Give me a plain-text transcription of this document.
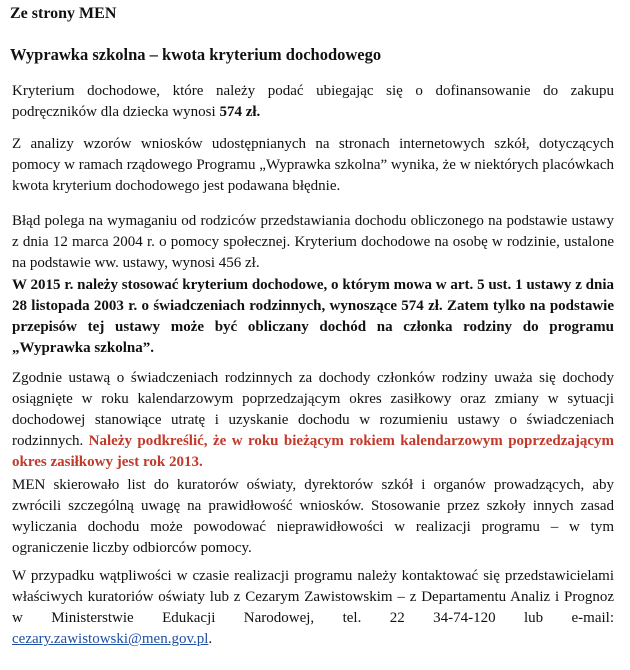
Ze strony MEN

Wyprawka szkolna – kwota kryterium dochodowego

Kryterium dochodowe, które należy podać ubiegając się o dofinansowanie do zakupu podręczników dla dziecka wynosi 574 zł.

Z analizy wzorów wniosków udostępnianych na stronach internetowych szkół, dotyczących pomocy w ramach rządowego Programu „Wyprawka szkolna” wynika, że w niektórych placówkach kwota kryterium dochodowego jest podawana błędnie.

Błąd polega na wymaganiu od rodziców przedstawiania dochodu obliczonego na podstawie ustawy z dnia 12 marca 2004 r. o pomocy społecznej. Kryterium dochodowe na osobę w rodzinie, ustalone na podstawie ww. ustawy, wynosi 456 zł.

W 2015 r. należy stosować kryterium dochodowe, o którym mowa w art. 5 ust. 1 ustawy z dnia 28 listopada 2003 r. o świadczeniach rodzinnych, wynoszące 574 zł. Zatem tylko na podstawie przepisów tej ustawy może być obliczany dochód na członka rodziny do programu „Wyprawka szkolna”.

Zgodnie ustawą o świadczeniach rodzinnych za dochody członków rodziny uważa się dochody osiągnięte w roku kalendarzowym poprzedzającym okres zasiłkowy oraz zmiany w sytuacji dochodowej stanowiące utratę i uzyskanie dochodu w rozumieniu ustawy o świadczeniach rodzinnych. Należy podkreślić, że w roku bieżącym rokiem kalendarzowym poprzedzającym okres zasiłkowy jest rok 2013.

MEN skierowało list do kuratorów oświaty, dyrektorów szkół i organów prowadzących, aby zwrócili szczególną uwagę na prawidłowość wniosków. Stosowanie przez szkoły innych zasad wyliczania dochodu może powodować nieprawidłowości w realizacji programu – w tym ograniczenie liczby odbiorców pomocy.

W przypadku wątpliwości w czasie realizacji programu należy kontaktować się przedstawicielami właściwych kuratoriów oświaty lub z Cezarym Zawistowskim – z Departamentu Analiz i Prognoz w Ministerstwie Edukacji Narodowej, tel. 22 34-74-120 lub e-mail: cezary.zawistowski@men.gov.pl.
